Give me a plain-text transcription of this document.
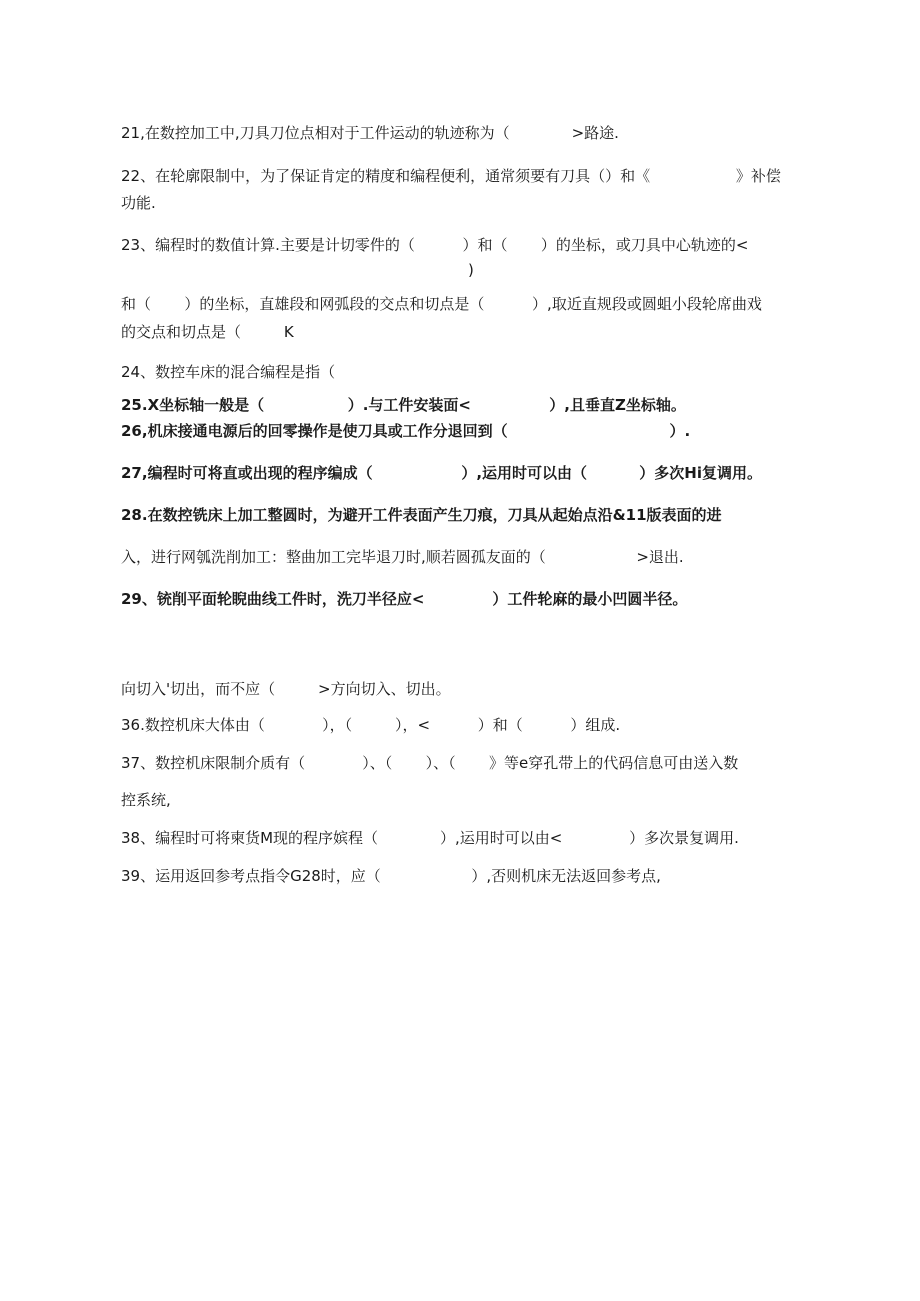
21,在数控加工中,刀具刀位点相对于工件运动的轨迹称为（             >路途.

22、在轮廓限制中，为了保证肯定的精度和编程便利，通常须要有刀具（）和《                  》补偿

功能.

23、编程时的数值计算.主要是计切零件的（          ）和（       ）的坐标，或刀具中心轨迹的<

)

和（       ）的坐标，直雄段和网弧段的交点和切点是（          ）,取近直规段或圆蛆小段轮席曲戏

的交点和切点是（         K

24、数控车床的混合编程是指（

25.X坐标轴一般是（                ）.与工件安装面<               ）,且垂直Z坐标轴。

26,机床接通电源后的回零操作是使刀具或工作分退回到（                               ）.

27,编程时可将直或出现的程序编成（                 ）,运用时可以由（          ）多次Hi复调用。

28.在数控铣床上加工整圆时，为避开工件表面产生刀痕，刀具从起始点沿&11版表面的进

入，进行网瓠洗削加工：整曲加工完毕退刀时,顺若圆孤友面的（                   >退出.

29、铳削平面轮睨曲线工件时，洗刀半径应<             ）工件轮麻的最小凹圆半径。

向切入'切出，而不应（         >方向切入、切出。

36.数控机床大体由（            ），（         ），<          ）和（          ）组成.

37、数控机床限制介质有（            ）、（       ）、（       》等e穿孔带上的代码信息可由送入数

控系统,

38、编程时可将柬货M现的程序嫔程（             ）,运用时可以由<              ）多次景复调用.

39、运用返回参考点指令G28时，应（                   ）,否则机床无法返回参考点,
